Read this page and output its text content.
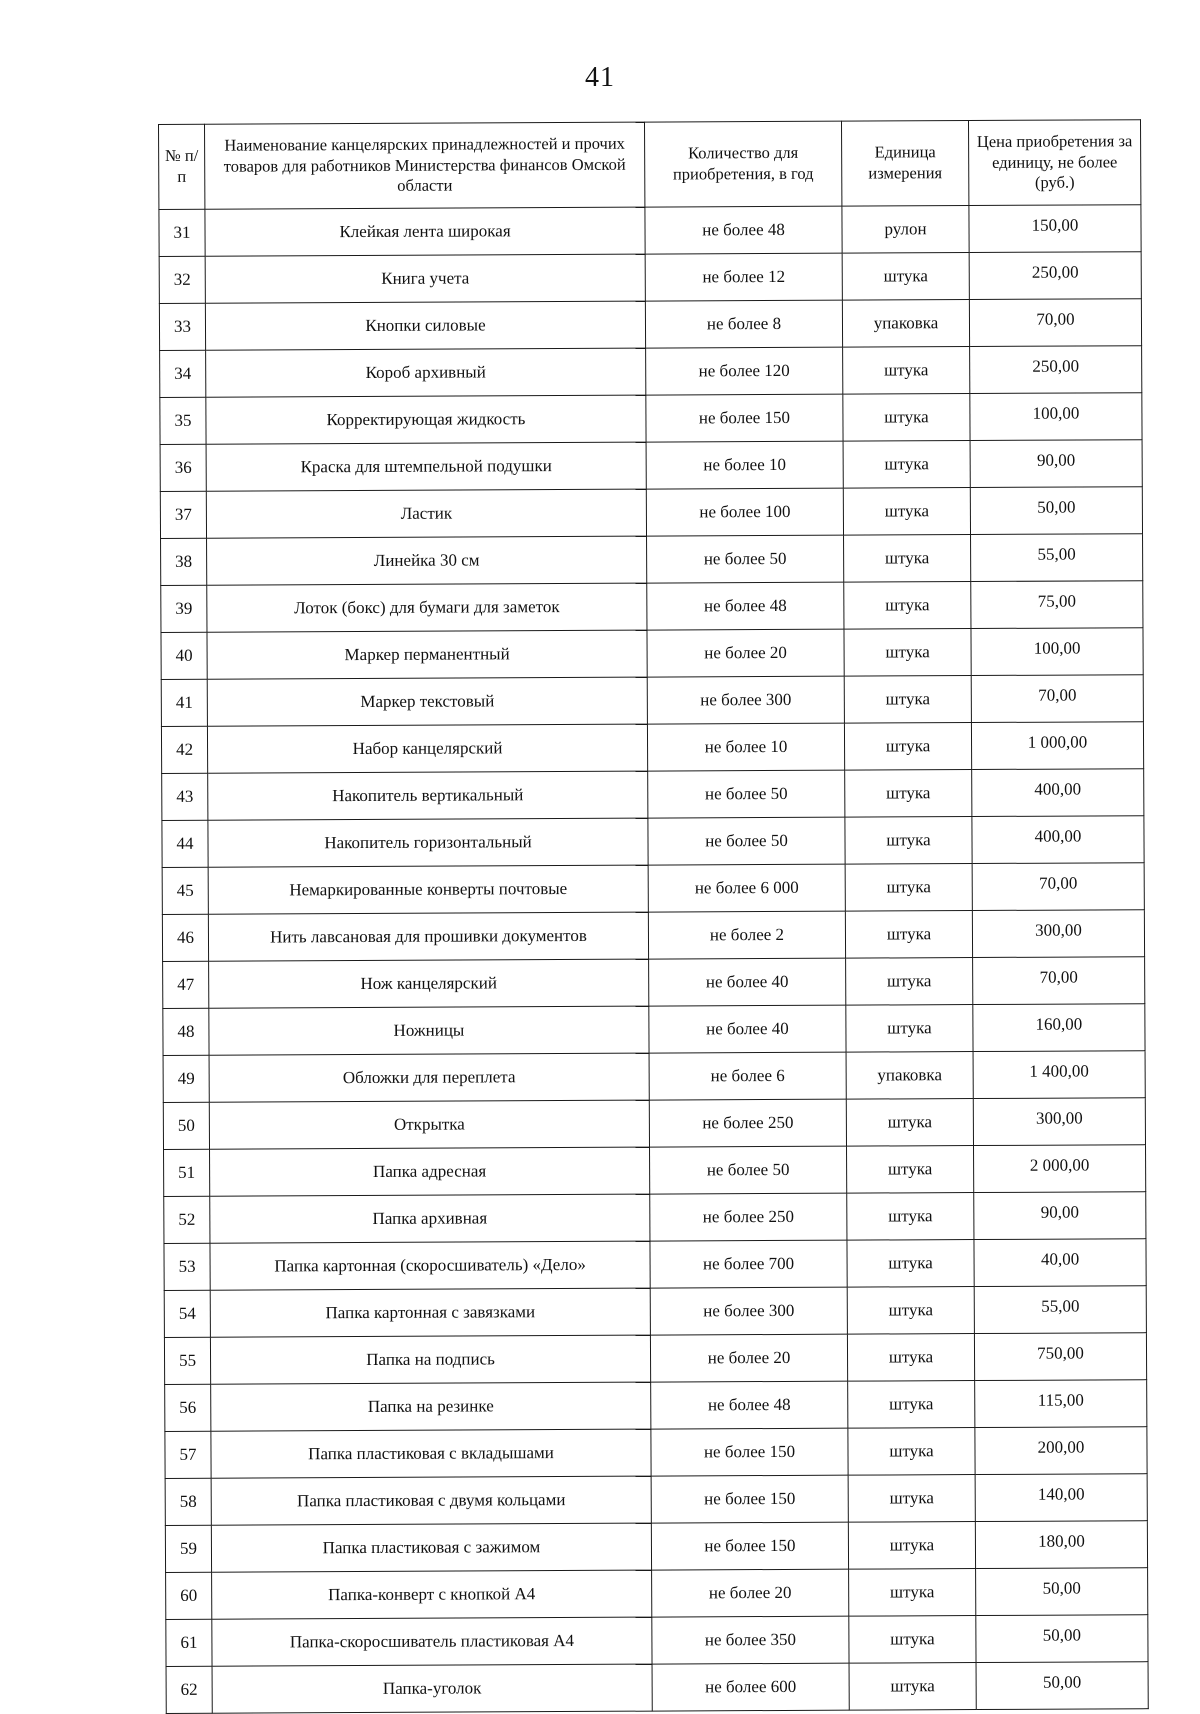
41
№ п/п	Наименование канцелярских принадлежностей и прочих товаров для работников Министерства финансов Омской области	Количество для приобретения, в год	Единица измерения	Цена приобретения за единицу, не более (руб.)
31	Клейкая лента широкая	не более 48	рулон	150,00
32	Книга учета	не более 12	штука	250,00
33	Кнопки силовые	не более 8	упаковка	70,00
34	Короб архивный	не более 120	штука	250,00
35	Корректирующая жидкость	не более 150	штука	100,00
36	Краска для штемпельной подушки	не более 10	штука	90,00
37	Ластик	не более 100	штука	50,00
38	Линейка 30 см	не более 50	штука	55,00
39	Лоток (бокс) для бумаги для заметок	не более 48	штука	75,00
40	Маркер перманентный	не более 20	штука	100,00
41	Маркер текстовый	не более 300	штука	70,00
42	Набор канцелярский	не более 10	штука	1 000,00
43	Накопитель вертикальный	не более 50	штука	400,00
44	Накопитель горизонтальный	не более 50	штука	400,00
45	Немаркированные конверты почтовые	не более 6 000	штука	70,00
46	Нить лавсановая для прошивки документов	не более 2	штука	300,00
47	Нож канцелярский	не более 40	штука	70,00
48	Ножницы	не более 40	штука	160,00
49	Обложки для переплета	не более 6	упаковка	1 400,00
50	Открытка	не более 250	штука	300,00
51	Папка адресная	не более 50	штука	2 000,00
52	Папка архивная	не более 250	штука	90,00
53	Папка картонная (скоросшиватель) «Дело»	не более 700	штука	40,00
54	Папка картонная с завязками	не более 300	штука	55,00
55	Папка на подпись	не более 20	штука	750,00
56	Папка на резинке	не более 48	штука	115,00
57	Папка пластиковая с вкладышами	не более 150	штука	200,00
58	Папка пластиковая с двумя кольцами	не более 150	штука	140,00
59	Папка пластиковая с зажимом	не более 150	штука	180,00
60	Папка-конверт с кнопкой А4	не более 20	штука	50,00
61	Папка-скоросшиватель пластиковая А4	не более 350	штука	50,00
62	Папка-уголок	не более 600	штука	50,00
